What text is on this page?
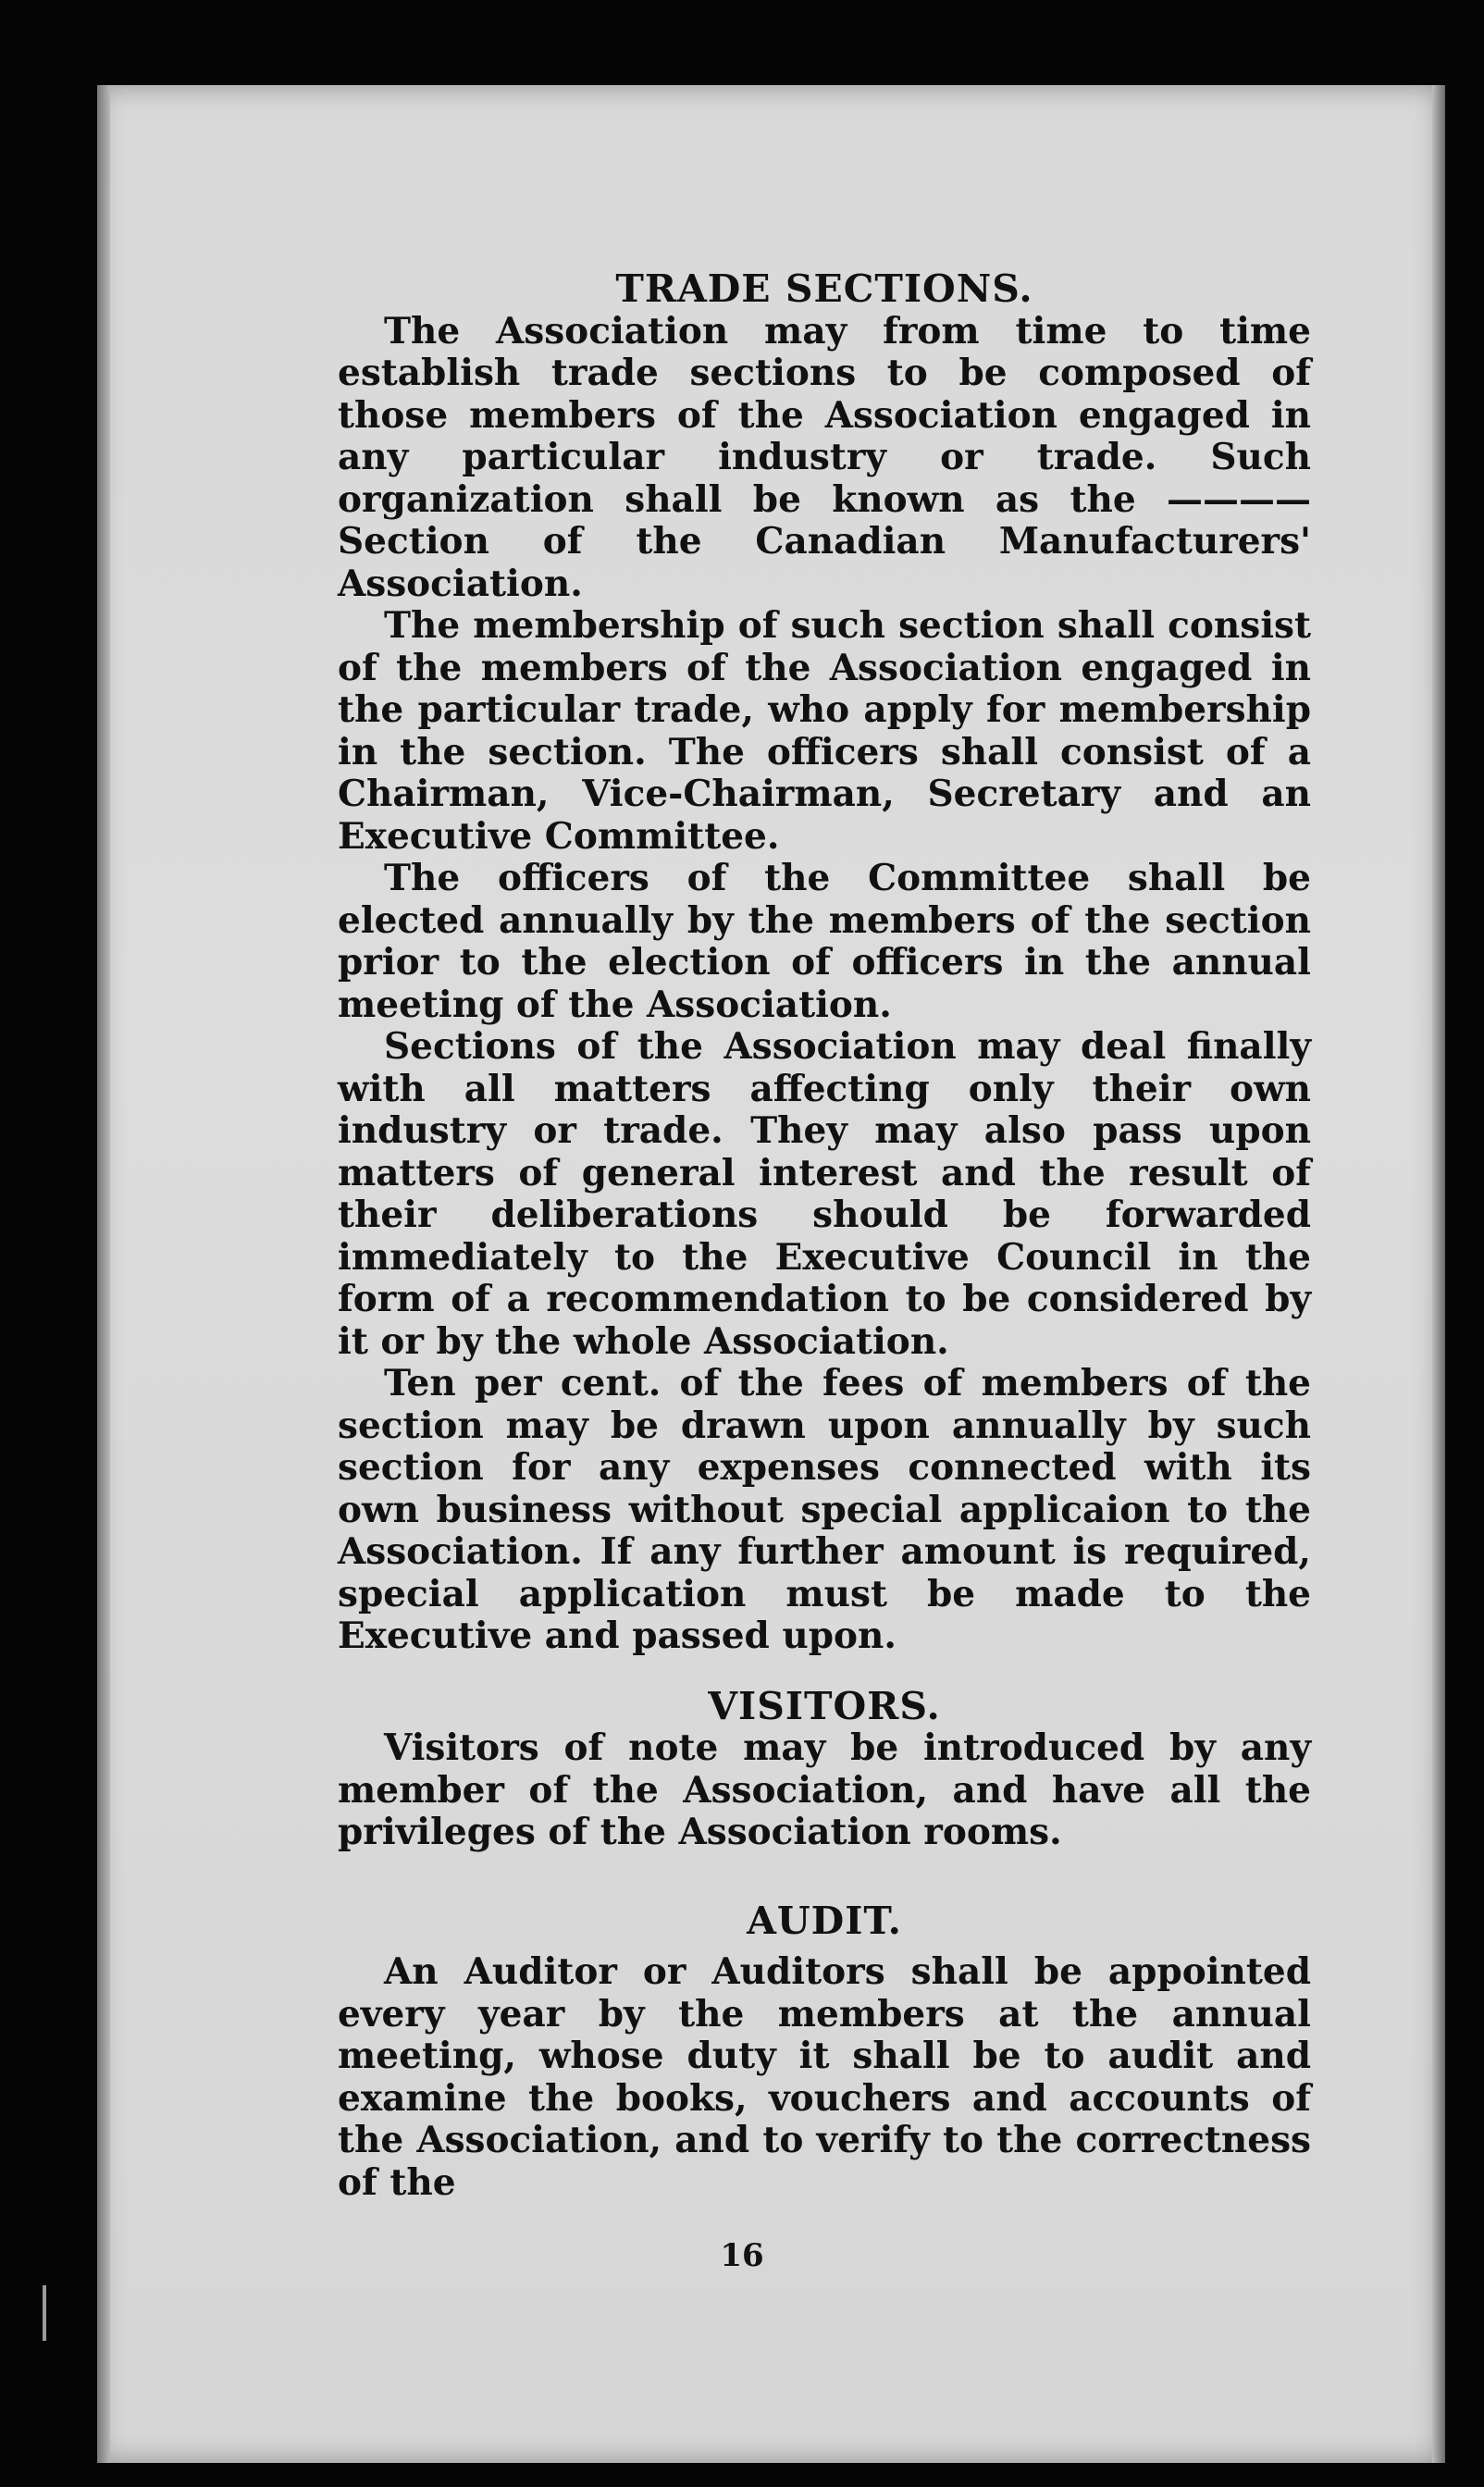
TRADE SECTIONS.

The Association may from time to time establish trade sections to be composed of those members of the Association engaged in any particular industry or trade. Such organization shall be known as the ———— Section of the Canadian Manufacturers' Association.

The membership of such section shall consist of the members of the Association engaged in the particular trade, who apply for membership in the section. The officers shall consist of a Chairman, Vice-Chairman, Secretary and an Executive Committee.

The officers of the Committee shall be elected annually by the members of the section prior to the election of officers in the annual meeting of the Association.

Sections of the Association may deal finally with all matters affecting only their own industry or trade. They may also pass upon matters of general interest and the result of their deliberations should be forwarded immediately to the Executive Council in the form of a recommendation to be considered by it or by the whole Association.

Ten per cent. of the fees of members of the section may be drawn upon annually by such section for any expenses connected with its own business without special applicaion to the Association. If any further amount is required, special application must be made to the Executive and passed upon.

VISITORS.

Visitors of note may be introduced by any member of the Association, and have all the privileges of the Association rooms.

AUDIT.

An Auditor or Auditors shall be appointed every year by the members at the annual meeting, whose duty it shall be to audit and examine the books, vouchers and accounts of the Association, and to verify to the correctness of the

16
